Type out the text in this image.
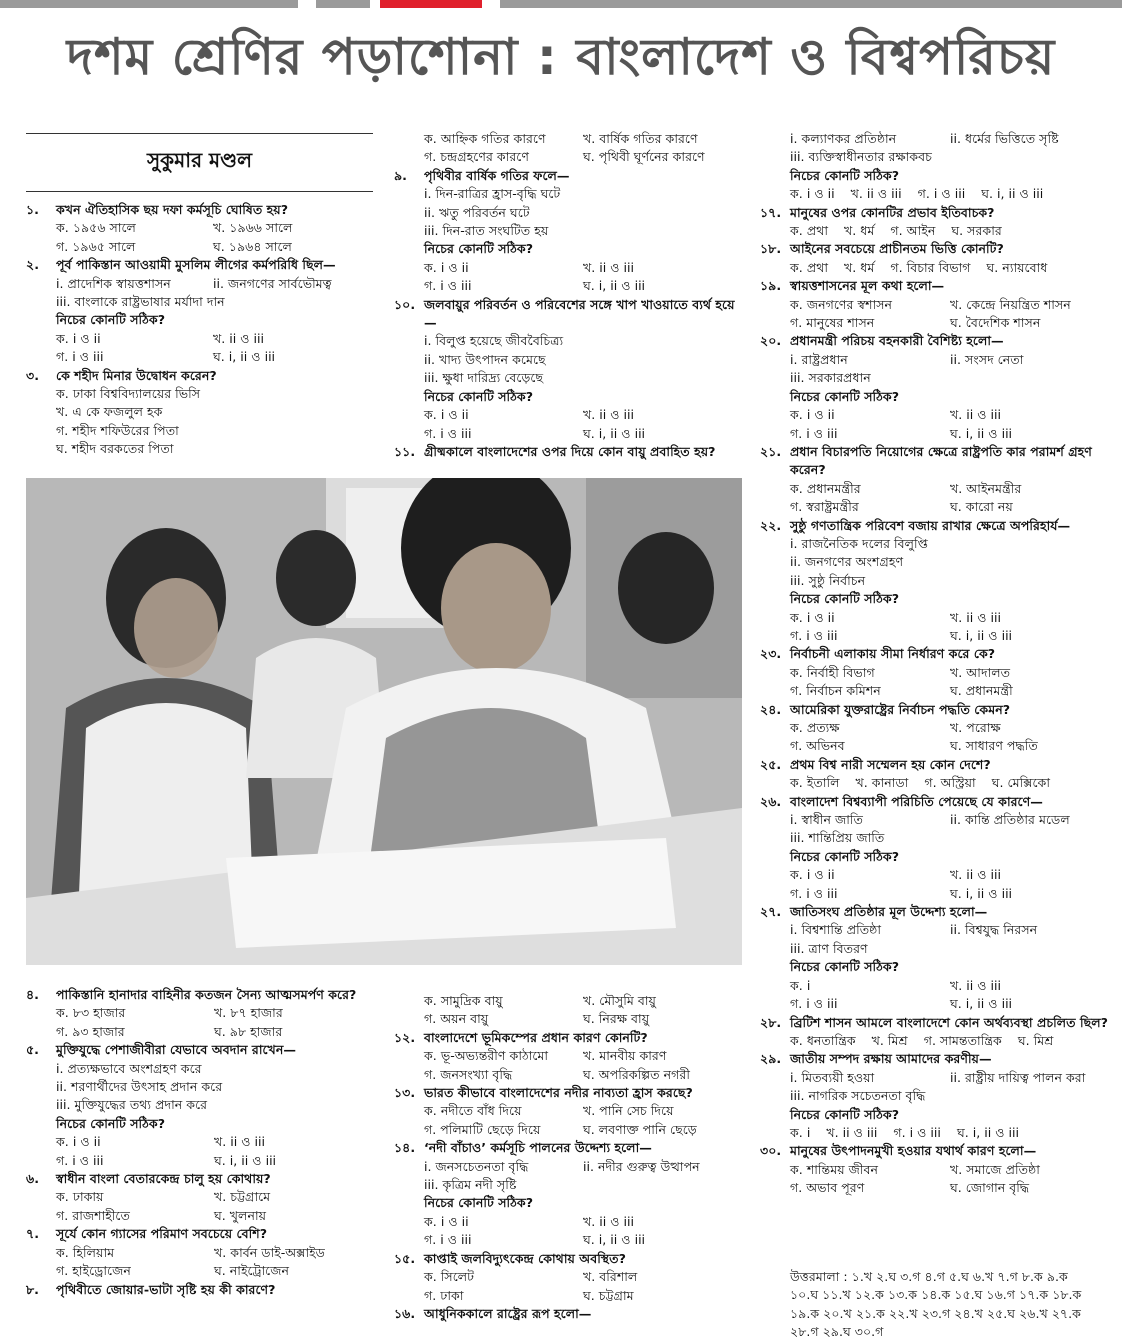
দশম শ্রেণির পড়াশোনা : বাংলাদেশ ও বিশ্বপরিচয়
সুকুমার মণ্ডল
১.	কখন ঐতিহাসিক ছয় দফা কর্মসূচি ঘোষিত হয়?
ক. ১৯৫৬ সালে	খ. ১৯৬৬ সালে
গ. ১৯৬৫ সালে	ঘ. ১৯৬৪ সালে
২.	পূর্ব পাকিস্তান আওয়ামী মুসলিম লীগের কর্মপরিধি ছিল—
i. প্রাদেশিক স্বায়ত্তশাসন	ii. জনগণের সার্বভৌমত্ব
iii. বাংলাকে রাষ্ট্রভাষার মর্যাদা দান
নিচের কোনটি সঠিক?
ক. i ও ii	খ. ii ও iii
গ. i ও iii	ঘ. i, ii ও iii
৩.	কে শহীদ মিনার উদ্বোধন করেন?
ক. ঢাকা বিশ্ববিদ্যালয়ের ভিসি
খ. এ কে ফজলুল হক
গ. শহীদ শফিউরের পিতা
ঘ. শহীদ বরকতের পিতা
ক. আহ্নিক গতির কারণে	খ. বার্ষিক গতির কারণে
গ. চন্দ্রগ্রহণের কারণে	ঘ. পৃথিবী ঘূর্ণনের কারণে
৯.	পৃথিবীর বার্ষিক গতির ফলে—
i. দিন-রাত্রির হ্রাস-বৃদ্ধি ঘটে
ii. ঋতু পরিবর্তন ঘটে
iii. দিন-রাত সংঘটিত হয়
নিচের কোনটি সঠিক?
ক. i ও ii	খ. ii ও iii
গ. i ও iii	ঘ. i, ii ও iii
১০. জলবায়ুর পরিবর্তন ও পরিবেশের সঙ্গে খাপ খাওয়াতে ব্যর্থ হয়ে—
i. বিলুপ্ত হয়েছে জীববৈচিত্র্য
ii. খাদ্য উৎপাদন কমেছে
iii. ক্ষুধা দারিদ্র্য বেড়েছে
নিচের কোনটি সঠিক?
ক. i ও ii	খ. ii ও iii
গ. i ও iii	ঘ. i, ii ও iii
১১. গ্রীষ্মকালে বাংলাদেশের ওপর দিয়ে কোন বায়ু প্রবাহিত হয়?
৪.	পাকিস্তানি হানাদার বাহিনীর কতজন সৈন্য আত্মসমর্পণ করে?
ক. ৮৩ হাজার	খ. ৮৭ হাজার
গ. ৯৩ হাজার	ঘ. ৯৮ হাজার
৫.	মুক্তিযুদ্ধে পেশাজীবীরা যেভাবে অবদান রাখেন—
i. প্রত্যক্ষভাবে অংশগ্রহণ করে
ii. শরণার্থীদের উৎসাহ প্রদান করে
iii. মুক্তিযুদ্ধের তথ্য প্রদান করে
নিচের কোনটি সঠিক?
ক. i ও ii	খ. ii ও iii
গ. i ও iii	ঘ. i, ii ও iii
৬.	স্বাধীন বাংলা বেতারকেন্দ্র চালু হয় কোথায়?
ক. ঢাকায়	খ. চট্টগ্রামে
গ. রাজশাহীতে	ঘ. খুলনায়
৭.	সূর্যে কোন গ্যাসের পরিমাণ সবচেয়ে বেশি?
ক. হিলিয়াম	খ. কার্বন ডাই-অক্সাইড
গ. হাইড্রোজেন	ঘ. নাইট্রোজেন
৮.	পৃথিবীতে জোয়ার-ভাটা সৃষ্টি হয় কী কারণে?
ক. সামুদ্রিক বায়ু	খ. মৌসুমি বায়ু
গ. অয়ন বায়ু	ঘ. নিরক্ষ বায়ু
১২. বাংলাদেশে ভূমিকম্পের প্রধান কারণ কোনটি?
ক. ভূ-অভ্যন্তরীণ কাঠামো	খ. মানবীয় কারণ
গ. জনসংখ্যা বৃদ্ধি	ঘ. অপরিকল্পিত নগরী
১৩. ভারত কীভাবে বাংলাদেশের নদীর নাব্যতা হ্রাস করছে?
ক. নদীতে বাঁধ দিয়ে	খ. পানি সেচ দিয়ে
গ. পলিমাটি ছেড়ে দিয়ে	ঘ. লবণাক্ত পানি ছেড়ে
১৪. ‘নদী বাঁচাও’ কর্মসূচি পালনের উদ্দেশ্য হলো—
i. জনসচেতনতা বৃদ্ধি	ii. নদীর গুরুত্ব উত্থাপন
iii. কৃত্রিম নদী সৃষ্টি
নিচের কোনটি সঠিক?
ক. i ও ii	খ. ii ও iii
গ. i ও iii	ঘ. i, ii ও iii
১৫. কাপ্তাই জলবিদ্যুৎকেন্দ্র কোথায় অবস্থিত?
ক. সিলেট	খ. বরিশাল
গ. ঢাকা	ঘ. চট্টগ্রাম
১৬. আধুনিককালে রাষ্ট্রের রূপ হলো—
i. কল্যাণকর প্রতিষ্ঠান	ii. ধর্মের ভিত্তিতে সৃষ্টি
iii. ব্যক্তিস্বাধীনতার রক্ষাকবচ
নিচের কোনটি সঠিক?
ক. i ও ii খ. ii ও iii গ. i ও iii ঘ. i, ii ও iii
১৭. মানুষের ওপর কোনটির প্রভাব ইতিবাচক?
ক. প্রথা খ. ধর্ম গ. আইন ঘ. সরকার
১৮. আইনের সবচেয়ে প্রাচীনতম ভিত্তি কোনটি?
ক. প্রথা খ. ধর্ম গ. বিচার বিভাগ ঘ. ন্যায়বোধ
১৯. স্বায়ত্তশাসনের মূল কথা হলো—
ক. জনগণের স্বশাসন	খ. কেন্দ্রে নিয়ন্ত্রিত শাসন
গ. মানুষের শাসন	ঘ. বৈদেশিক শাসন
২০. প্রধানমন্ত্রী পরিচয় বহনকারী বৈশিষ্ট্য হলো—
i. রাষ্ট্রপ্রধান	ii. সংসদ নেতা
iii. সরকারপ্রধান
নিচের কোনটি সঠিক?
ক. i ও ii	খ. ii ও iii
গ. i ও iii	ঘ. i, ii ও iii
২১. প্রধান বিচারপতি নিয়োগের ক্ষেত্রে রাষ্ট্রপতি কার পরামর্শ গ্রহণ করেন?
ক. প্রধানমন্ত্রীর	খ. আইনমন্ত্রীর
গ. স্বরাষ্ট্রমন্ত্রীর	ঘ. কারো নয়
২২. সুষ্ঠু গণতান্ত্রিক পরিবেশ বজায় রাখার ক্ষেত্রে অপরিহার্য—
i. রাজনৈতিক দলের বিলুপ্তি
ii. জনগণের অংশগ্রহণ
iii. সুষ্ঠু নির্বাচন
নিচের কোনটি সঠিক?
ক. i ও ii	খ. ii ও iii
গ. i ও iii	ঘ. i, ii ও iii
২৩. নির্বাচনী এলাকায় সীমা নির্ধারণ করে কে?
ক. নির্বাহী বিভাগ	খ. আদালত
গ. নির্বাচন কমিশন	ঘ. প্রধানমন্ত্রী
২৪. আমেরিকা যুক্তরাষ্ট্রের নির্বাচন পদ্ধতি কেমন?
ক. প্রত্যক্ষ	খ. পরোক্ষ
গ. অভিনব	ঘ. সাধারণ পদ্ধতি
২৫. প্রথম বিশ্ব নারী সম্মেলন হয় কোন দেশে?
ক. ইতালি খ. কানাডা গ. অস্ট্রিয়া ঘ. মেক্সিকো
২৬. বাংলাদেশ বিশ্বব্যাপী পরিচিতি পেয়েছে যে কারণে—
i. স্বাধীন জাতি	ii. কান্তি প্রতিষ্ঠার মডেল
iii. শান্তিপ্রিয় জাতি
নিচের কোনটি সঠিক?
ক. i ও ii	খ. ii ও iii
গ. i ও iii	ঘ. i, ii ও iii
২৭. জাতিসংঘ প্রতিষ্ঠার মূল উদ্দেশ্য হলো—
i. বিশ্বশান্তি প্রতিষ্ঠা	ii. বিশ্বযুদ্ধ নিরসন
iii. ত্রাণ বিতরণ
নিচের কোনটি সঠিক?
ক. i	খ. ii ও iii
গ. i ও iii	ঘ. i, ii ও iii
২৮. ব্রিটিশ শাসন আমলে বাংলাদেশে কোন অর্থব্যবস্থা প্রচলিত ছিল?
ক. ধনতান্ত্রিক খ. মিশ্র গ. সামন্ততান্ত্রিক ঘ. মিশ্র
২৯. জাতীয় সম্পদ রক্ষায় আমাদের করণীয়—
i. মিতব্যয়ী হওয়া	ii. রাষ্ট্রীয় দায়িত্ব পালন করা
iii. নাগরিক সচেতনতা বৃদ্ধি
নিচের কোনটি সঠিক?
ক. i খ. ii ও iii গ. i ও iii ঘ. i, ii ও iii
৩০. মানুষের উৎপাদনমুখী হওয়ার যথার্থ কারণ হলো—
ক. শান্তিময় জীবন	খ. সমাজে প্রতিষ্ঠা
গ. অভাব পূরণ	ঘ. জোগান বৃদ্ধি
উত্তরমালা : ১.খ ২.ঘ ৩.গ ৪.গ ৫.ঘ ৬.খ ৭.গ ৮.ক ৯.ক
১০.ঘ ১১.খ ১২.ক ১৩.ক ১৪.ক ১৫.ঘ ১৬.গ ১৭.ক ১৮.ক
১৯.ক ২০.খ ২১.ক ২২.খ ২৩.গ ২৪.খ ২৫.ঘ ২৬.খ ২৭.ক
২৮.গ ২৯.ঘ ৩০.গ
